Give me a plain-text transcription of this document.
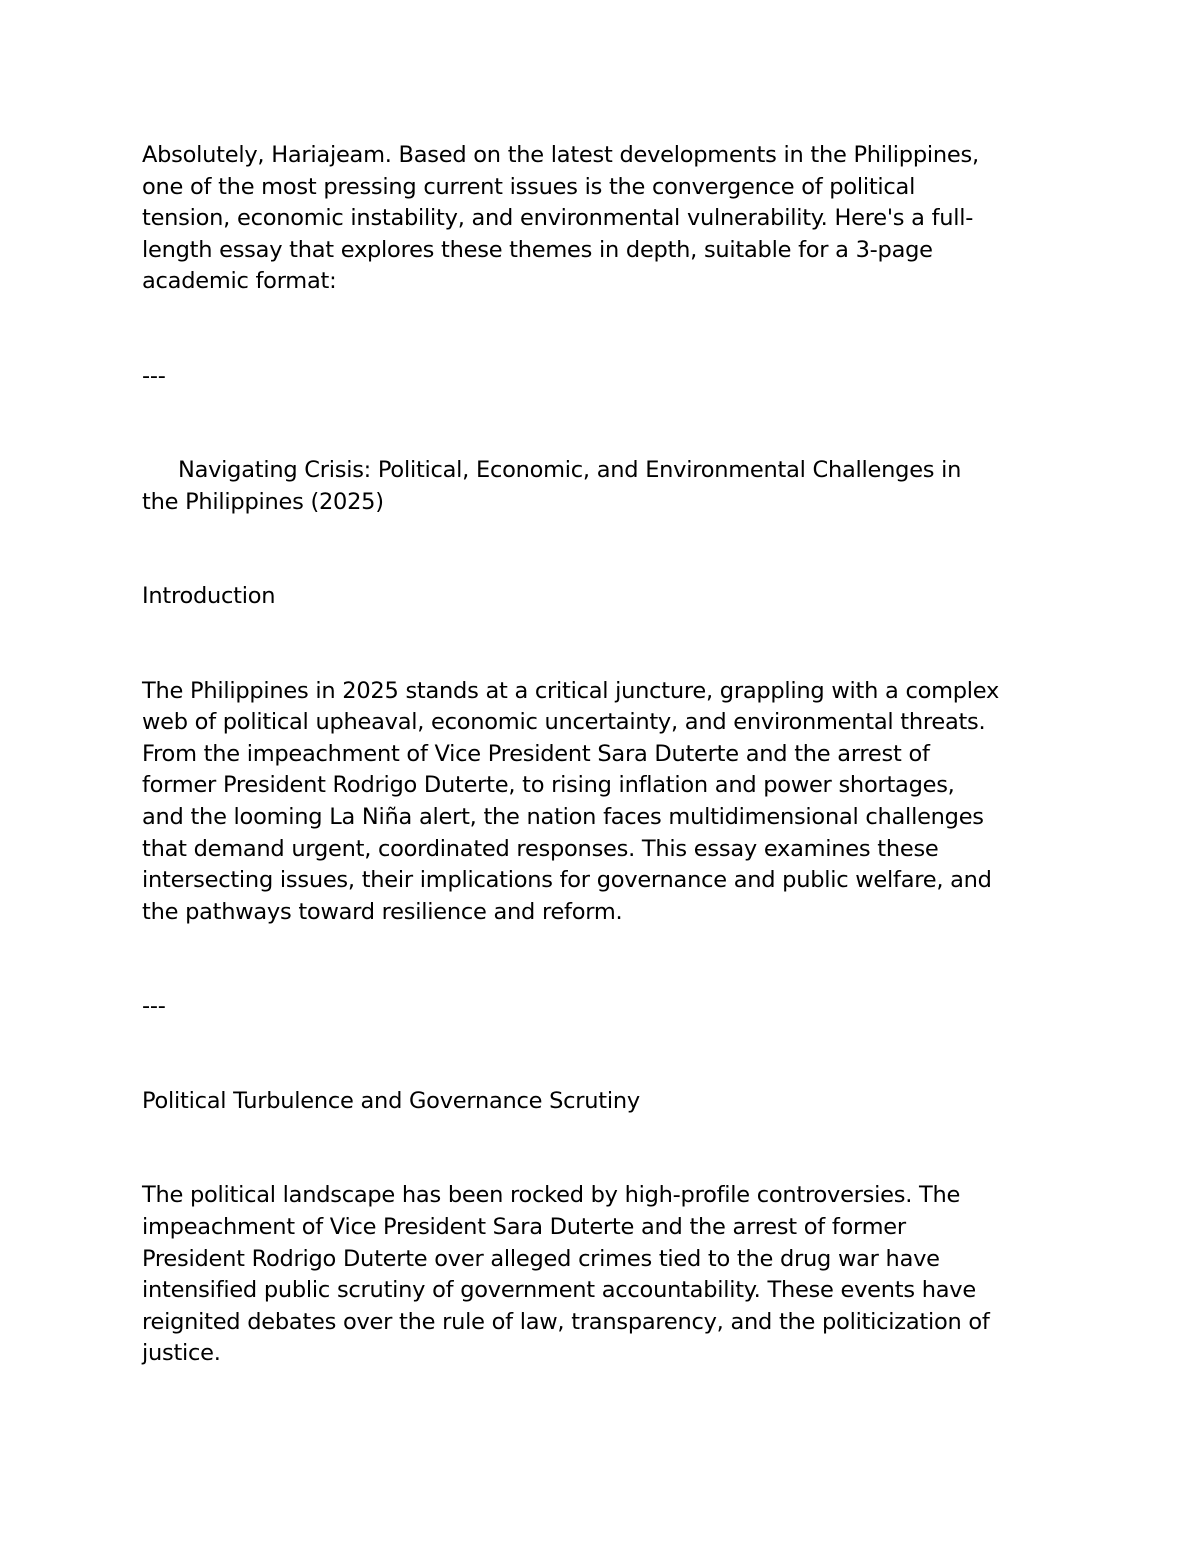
Absolutely, Hariajeam. Based on the latest developments in the Philippines,

one of the most pressing current issues is the convergence of political

tension, economic instability, and environmental vulnerability. Here's a full-

length essay that explores these themes in depth, suitable for a 3-page

academic format:

---

Navigating Crisis: Political, Economic, and Environmental Challenges in

the Philippines (2025)

Introduction

The Philippines in 2025 stands at a critical juncture, grappling with a complex

web of political upheaval, economic uncertainty, and environmental threats.

From the impeachment of Vice President Sara Duterte and the arrest of

former President Rodrigo Duterte, to rising inflation and power shortages,

and the looming La Niña alert, the nation faces multidimensional challenges

that demand urgent, coordinated responses. This essay examines these

intersecting issues, their implications for governance and public welfare, and

the pathways toward resilience and reform.

---

Political Turbulence and Governance Scrutiny

The political landscape has been rocked by high-profile controversies. The

impeachment of Vice President Sara Duterte and the arrest of former

President Rodrigo Duterte over alleged crimes tied to the drug war have

intensified public scrutiny of government accountability. These events have

reignited debates over the rule of law, transparency, and the politicization of

justice.
